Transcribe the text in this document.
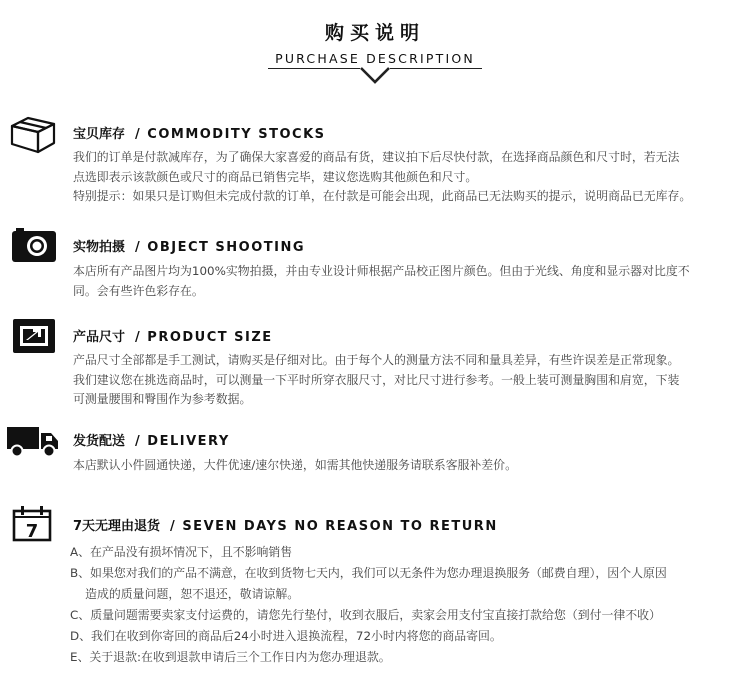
购买说明
PURCHASE DESCRIPTION
宝贝库存 / COMMODITY STOCKS

我们的订单是付款减库存，为了确保大家喜爱的商品有货，建议拍下后尽快付款，在选择商品颜色和尺寸时，若无法

点选即表示该款颜色或尺寸的商品已销售完毕，建议您选购其他颜色和尺寸。

特别提示：如果只是订购但未完成付款的订单，在付款是可能会出现，此商品已无法购买的提示，说明商品已无库存。

实物拍摄 / OBJECT SHOOTING

本店所有产品图片均为100%实物拍摄，并由专业设计师根据产品校正图片颜色。但由于光线、角度和显示器对比度不

同。会有些许色彩存在。

产品尺寸 / PRODUCT SIZE

产品尺寸全部都是手工测试，请购买是仔细对比。由于每个人的测量方法不同和量具差异，有些许误差是正常现象。

我们建议您在挑选商品时，可以测量一下平时所穿衣服尺寸，对比尺寸进行参考。一般上装可测量胸围和肩宽，下装

可测量腰围和臀围作为参考数据。

发货配送 / DELIVERY

本店默认小件圆通快递，大件优速/速尔快递，如需其他快递服务请联系客服补差价。

7	7天无理由退货 / SEVEN DAYS NO REASON TO RETURN

A、在产品没有损坏情况下，且不影响销售

B、如果您对我们的产品不满意，在收到货物七天内，我们可以无条件为您办理退换服务（邮费自理），因个人原因

造成的质量问题，恕不退还，敬请谅解。

C、质量问题需要卖家支付运费的，请您先行垫付，收到衣服后，卖家会用支付宝直接打款给您（到付一律不收）

D、我们在收到你寄回的商品后24小时进入退换流程，72小时内将您的商品寄回。

E、关于退款:在收到退款申请后三个工作日内为您办理退款。
